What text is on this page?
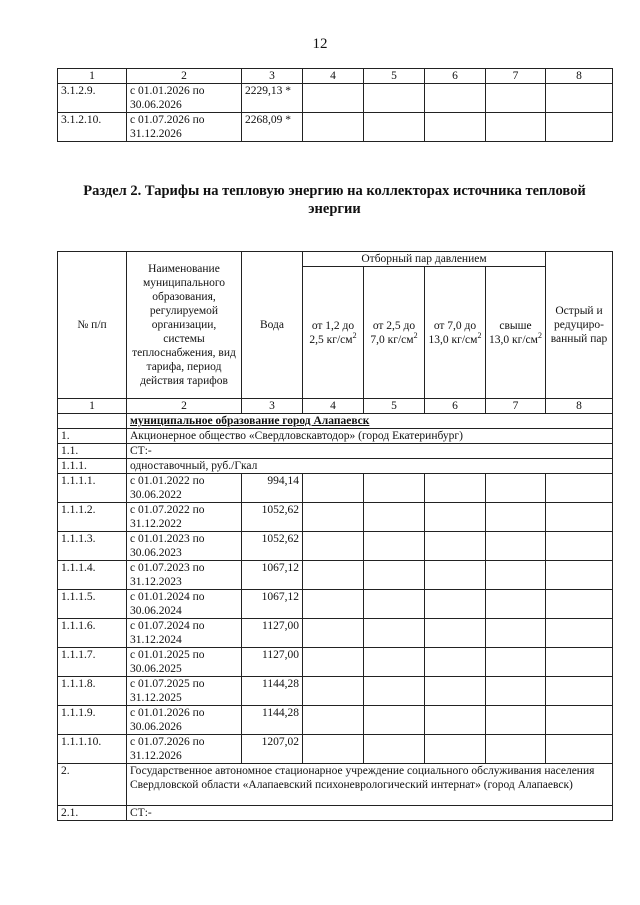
12
1	2	3	4	5	6	7	8
3.1.2.9.	с 01.01.2026 по 30.06.2026	2229,13 *					
3.1.2.10.	с 01.07.2026 по 31.12.2026	2268,09 *					
Раздел 2. Тарифы на тепловую энергию на коллекторах источника тепловой энергии
№ п/п	Наименование муниципального образования, регулируемой организации, системы теплоснабжения, вид тарифа, период действия тарифов	Вода	Отборный пар давлением				Острый и редуциро-ванный пар
			от 1,2 до 2,5 $кг/см^2$	от 2,5 до 7,0 $кг/см^2$	от 7,0 до 13,0 $кг/см^2$	свыше 13,0 $кг/см^2$
1	2	3	4	5	6	7	8
	муниципальное образование город Алапаевск						
1.	Акционерное общество «Свердловскавтодор» (город Екатеринбург)						
1.1.	СТ:-						
1.1.1.	одноставочный, руб./Гкал						
1.1.1.1.	с 01.01.2022 по 30.06.2022	994,14					
1.1.1.2.	с 01.07.2022 по 31.12.2022	1052,62					
1.1.1.3.	с 01.01.2023 по 30.06.2023	1052,62					
1.1.1.4.	с 01.07.2023 по 31.12.2023	1067,12					
1.1.1.5.	с 01.01.2024 по 30.06.2024	1067,12					
1.1.1.6.	с 01.07.2024 по 31.12.2024	1127,00					
1.1.1.7.	с 01.01.2025 по 30.06.2025	1127,00					
1.1.1.8.	с 01.07.2025 по 31.12.2025	1144,28					
1.1.1.9.	с 01.01.2026 по 30.06.2026	1144,28					
1.1.1.10.	с 01.07.2026 по 31.12.2026	1207,02					
2.	Государственное автономное стационарное учреждение социального обслуживания населения Свердловской области «Алапаевский психоневрологический интернат» (город Алапаевск)						
2.1.	СТ:-						
